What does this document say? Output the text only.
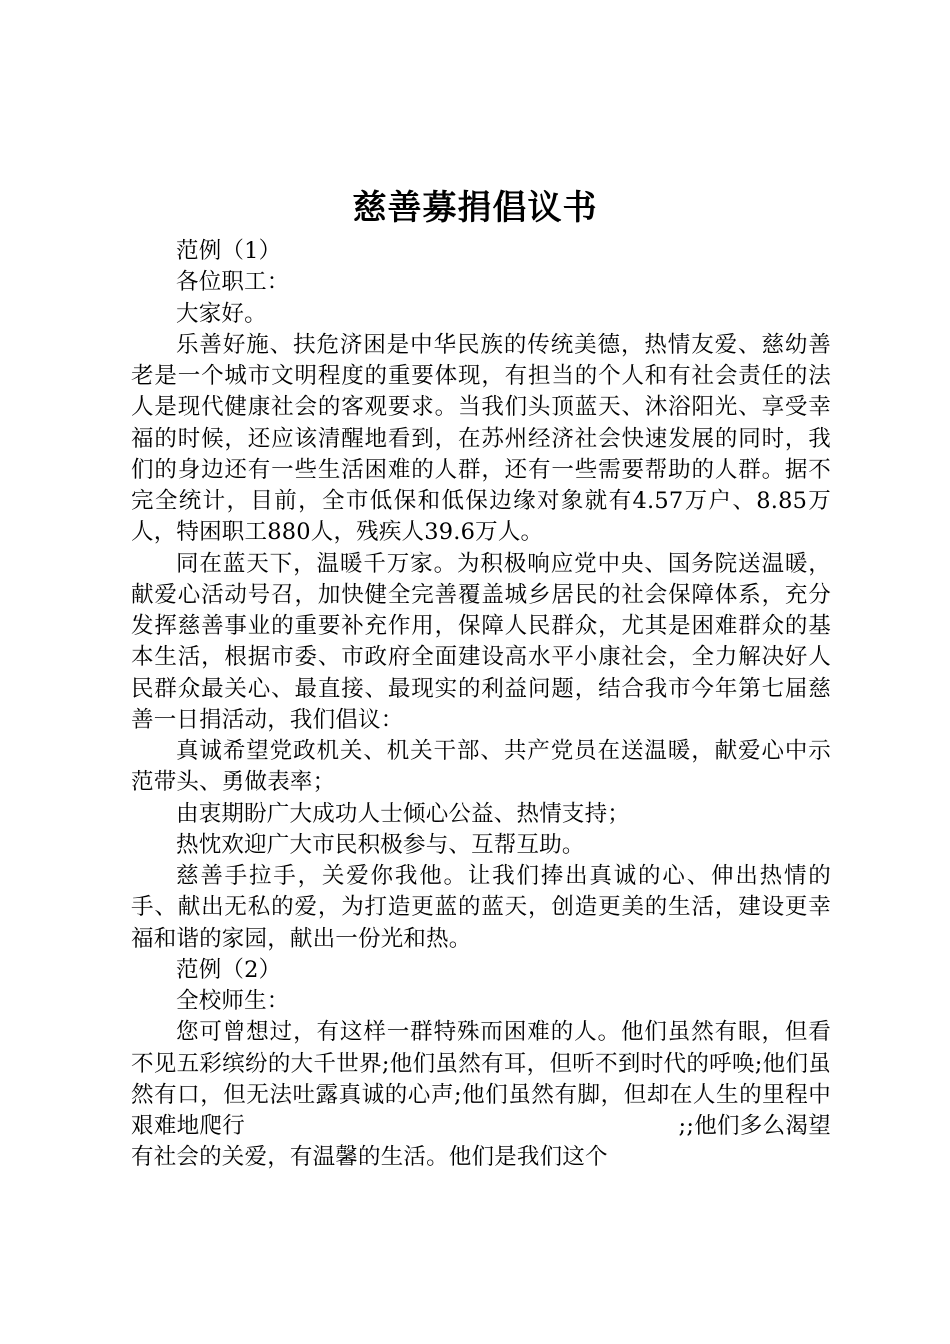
慈善募捐倡议书

范例（1）

各位职工：

大家好。

乐善好施、扶危济困是中华民族的传统美德，热情友爱、慈幼善老是一个城市文明程度的重要体现，有担当的个人和有社会责任的法人是现代健康社会的客观要求。当我们头顶蓝天、沐浴阳光、享受幸福的时候，还应该清醒地看到，在苏州经济社会快速发展的同时，我们的身边还有一些生活困难的人群，还有一些需要帮助的人群。据不完全统计，目前，全市低保和低保边缘对象就有4.57万户、8.85万人，特困职工880人，残疾人39.6万人。

同在蓝天下，温暖千万家。为积极响应党中央、国务院送温暖，献爱心活动号召，加快健全完善覆盖城乡居民的社会保障体系，充分发挥慈善事业的重要补充作用，保障人民群众，尤其是困难群众的基本生活，根据市委、市政府全面建设高水平小康社会，全力解决好人民群众最关心、最直接、最现实的利益问题，结合我市今年第七届慈善一日捐活动，我们倡议：

真诚希望党政机关、机关干部、共产党员在送温暖，献爱心中示范带头、勇做表率；

由衷期盼广大成功人士倾心公益、热情支持；

热忱欢迎广大市民积极参与、互帮互助。

慈善手拉手，关爱你我他。让我们捧出真诚的心、伸出热情的手、献出无私的爱，为打造更蓝的蓝天，创造更美的生活，建设更幸福和谐的家园，献出一份光和热。

范例（2）

全校师生：

您可曾想过，有这样一群特殊而困难的人。他们虽然有眼，但看不见五彩缤纷的大千世界;他们虽然有耳，但听不到时代的呼唤;他们虽然有口，但无法吐露真诚的心声;他们虽然有脚，但却在人生的里程中艰难地爬行　　　　　　　　　　　　　　　　　　　;;他们多么渴望有社会的关爱，有温馨的生活。他们是我们这个
